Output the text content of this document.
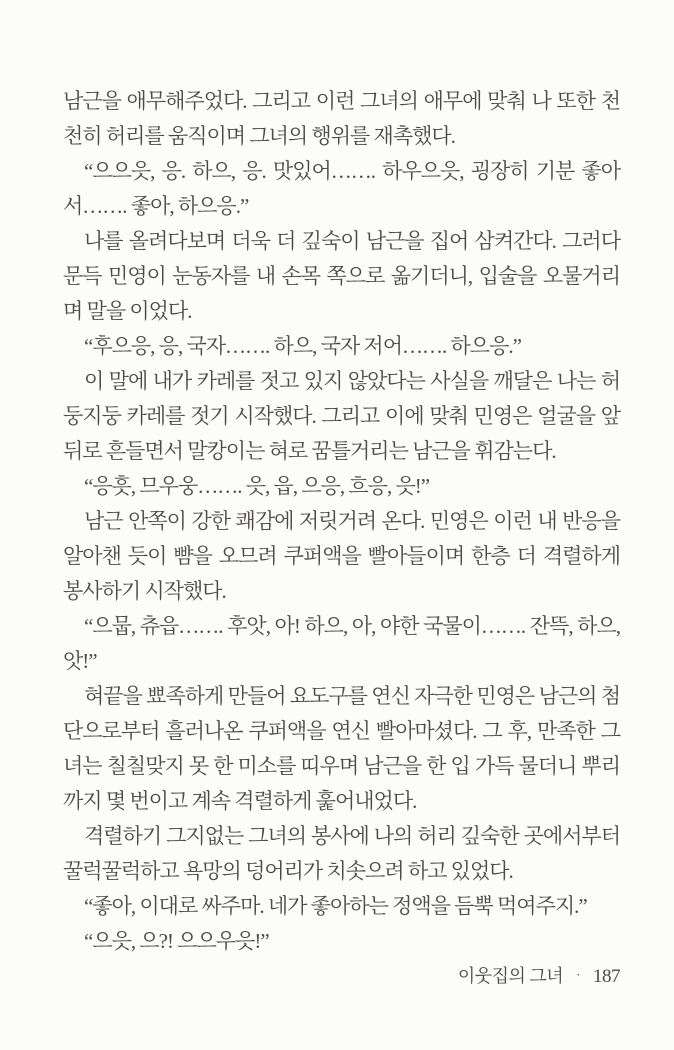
남근을 애무해주었다. 그리고 이런 그녀의 애무에 맞춰 나 또한 천천히 허리를 움직이며 그녀의 행위를 재촉했다.

“으으읏, 응. 하으, 응. 맛있어……. 하우으읏, 굉장히 기분 좋아서……. 좋아, 하으응.”

나를 올려다보며 더욱 더 깊숙이 남근을 집어 삼켜간다. 그러다 문득 민영이 눈동자를 내 손목 쪽으로 옮기더니, 입술을 오물거리며 말을 이었다.

“후으응, 응, 국자……. 하으, 국자 저어……. 하으응.”

이 말에 내가 카레를 젓고 있지 않았다는 사실을 깨달은 나는 허둥지둥 카레를 젓기 시작했다. 그리고 이에 맞춰 민영은 얼굴을 앞뒤로 흔들면서 말캉이는 혀로 꿈틀거리는 남근을 휘감는다.

“응흣, 므우웅……. 읏, 읍, 으응, 흐응, 읏!”

남근 안쪽이 강한 쾌감에 저릿거려 온다. 민영은 이런 내 반응을 알아챈 듯이 뺨을 오므려 쿠퍼액을 빨아들이며 한층 더 격렬하게 봉사하기 시작했다.

“으뭅, 츄읍……. 후앗, 아! 하으, 아, 야한 국물이……. 잔뜩, 하으, 앗!”

혀끝을 뾰족하게 만들어 요도구를 연신 자극한 민영은 남근의 첨단으로부터 흘러나온 쿠퍼액을 연신 빨아마셨다. 그 후, 만족한 그녀는 칠칠맞지 못 한 미소를 띠우며 남근을 한 입 가득 물더니 뿌리까지 몇 번이고 계속 격렬하게 훑어내었다.

격렬하기 그지없는 그녀의 봉사에 나의 허리 깊숙한 곳에서부터 꿀럭꿀럭하고 욕망의 덩어리가 치솟으려 하고 있었다.

“좋아, 이대로 싸주마. 네가 좋아하는 정액을 듬뿍 먹여주지.”

“으읏, 으?! 으으우읏!”

이웃집의 그녀 · 187
